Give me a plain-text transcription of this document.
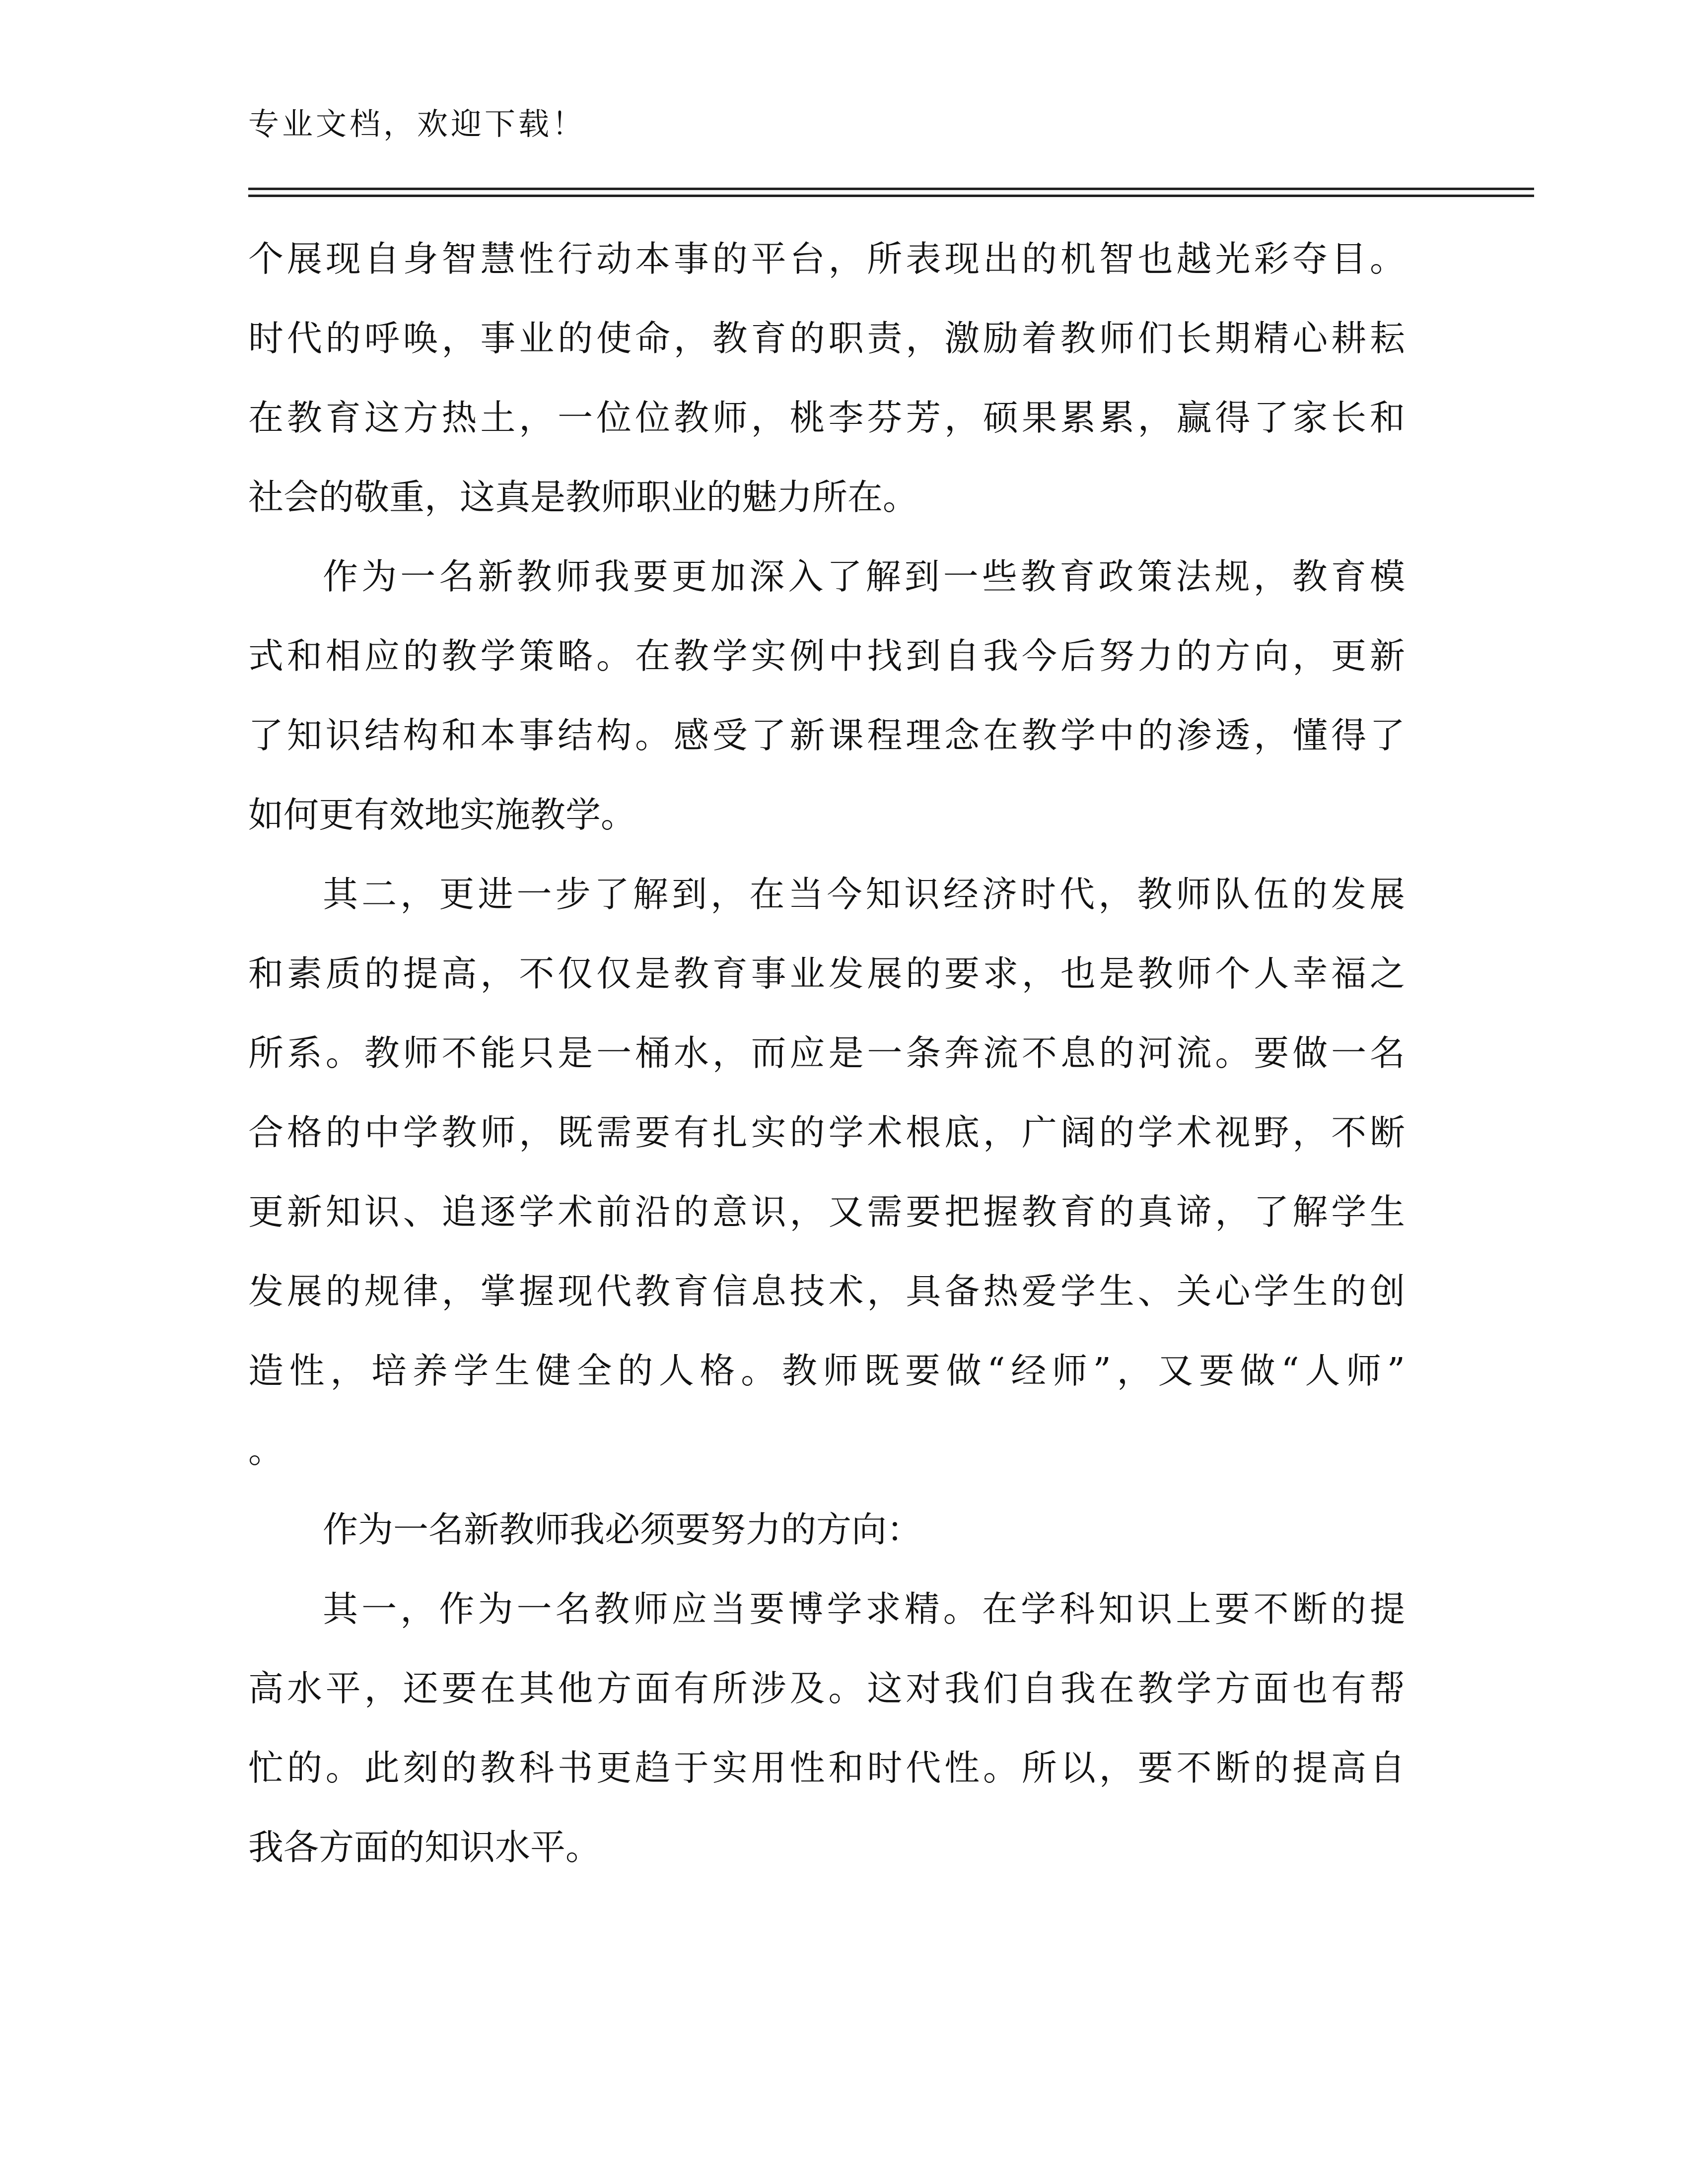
专业文档，欢迎下载！
个展现自身智慧性行动本事的平台，所表现出的机智也越光彩夺目。
时代的呼唤，事业的使命，教育的职责，激励着教师们长期精心耕耘
在教育这方热土，一位位教师，桃李芬芳，硕果累累，赢得了家长和
社会的敬重，这真是教师职业的魅力所在。
作为一名新教师我要更加深入了解到一些教育政策法规，教育模
式和相应的教学策略。在教学实例中找到自我今后努力的方向，更新
了知识结构和本事结构。感受了新课程理念在教学中的渗透，懂得了
如何更有效地实施教学。
其二，更进一步了解到，在当今知识经济时代，教师队伍的发展
和素质的提高，不仅仅是教育事业发展的要求，也是教师个人幸福之
所系。教师不能只是一桶水，而应是一条奔流不息的河流。要做一名
合格的中学教师，既需要有扎实的学术根底，广阔的学术视野，不断
更新知识、追逐学术前沿的意识，又需要把握教育的真谛，了解学生
发展的规律，掌握现代教育信息技术，具备热爱学生、关心学生的创
造性，培养学生健全的人格。教师既要做“经师”，又要做“人师”
。
作为一名新教师我必须要努力的方向：
其一，作为一名教师应当要博学求精。在学科知识上要不断的提
高水平，还要在其他方面有所涉及。这对我们自我在教学方面也有帮
忙的。此刻的教科书更趋于实用性和时代性。所以，要不断的提高自
我各方面的知识水平。
